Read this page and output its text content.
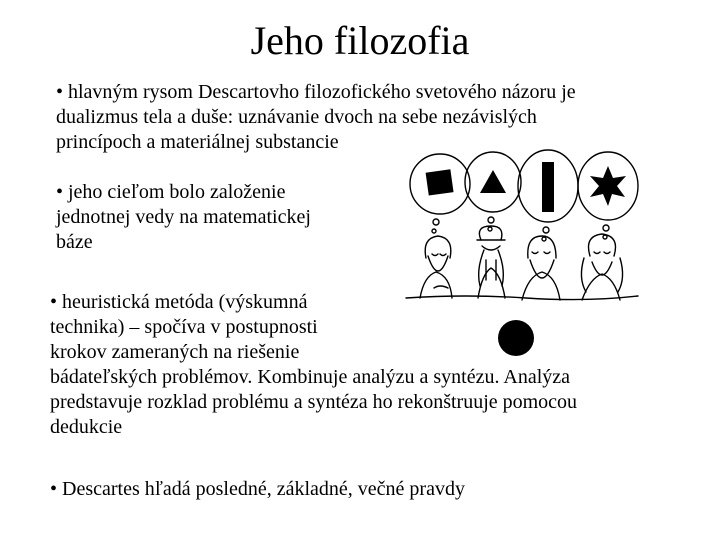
Jeho filozofia
• hlavným rysom Descartovho filozofického svetového názoru je
dualizmus tela a duše: uznávanie dvoch na sebe nezávislých
princípoch a materiálnej substancie
• jeho cieľom bolo založenie
jednotnej vedy na matematickej
báze
• heuristická metóda (výskumná
technika) – spočíva v postupnosti
krokov zameraných na riešenie
bádateľských problémov. Kombinuje analýzu a syntézu. Analýza
predstavuje rozklad problému a syntéza ho rekonštruuje pomocou
dedukcie
• Descartes hľadá posledné, základné, večné pravdy
